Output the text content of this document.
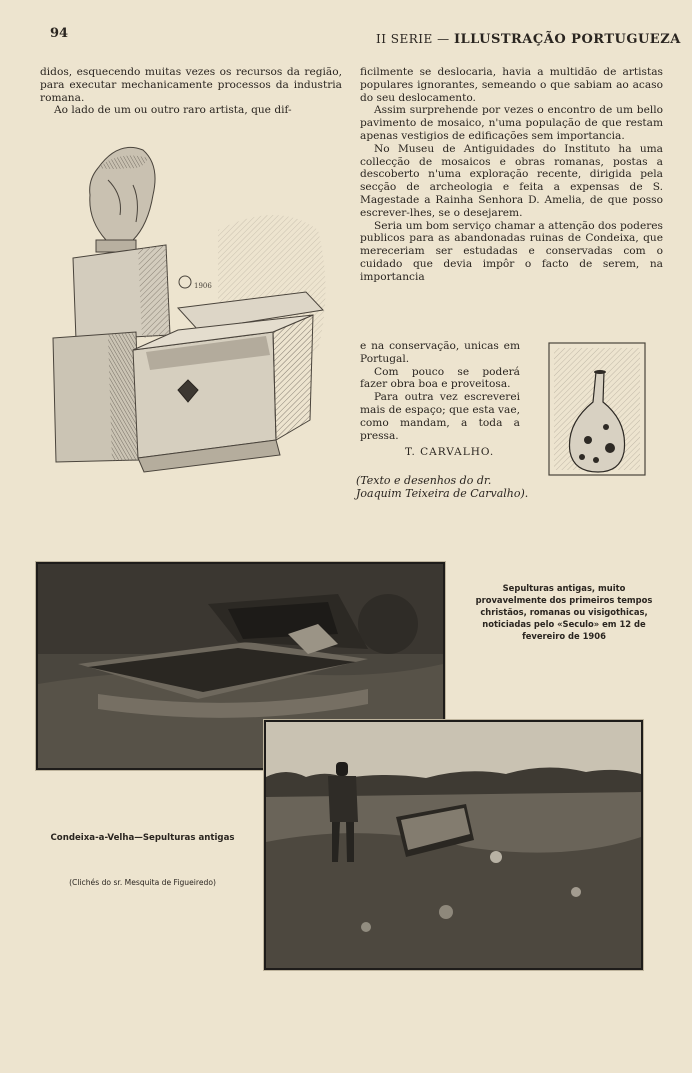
94	II SERIE — ILLUSTRAÇÃO PORTUGUEZA

didos, esquecendo muitas vezes os recursos da região, para executar mechanicamente processos da industria romana.

Ao lado de um ou outro raro artista, que dif-

1906

ficilmente se deslocaria, havia a multidão de artistas populares ignorantes, semeando o que sabiam ao acaso do seu deslocamento.

Assim surprehende por vezes o encontro de um bello pavimento de mosaico, n'uma população de que restam apenas vestigios de edificações sem importancia.

No Museu de Antiguidades do Instituto ha uma collecção de mosaicos e obras romanas, postas a descoberto n'uma exploração recente, dirigida pela secção de archeologia e feita a expensas de S. Magestade a Rainha Senhora D. Amelia, de que posso escrever-lhes, se o desejarem.

Seria um bom serviço chamar a attenção dos poderes publicos para as abandonadas ruinas de Condeixa, que mereceriam ser estudadas e conservadas com o cuidado que devia impôr o facto de serem, na importancia

e na conservação, unicas em Portugal.

Com pouco se poderá fazer obra boa e proveitosa.

Para outra vez escreverei mais de espaço; que esta vae, como mandam, a toda a pressa.

T. CARVALHO.
(Texto e desenhos do dr. Joaquim Teixeira de Carvalho).
Sepulturas antigas, muito provavelmente dos primeiros tempos christãos, romanas ou visigothicas, noticiadas pelo «Seculo» em 12 de fevereiro de 1906
Condeixa-a-Velha—Sepulturas antigas
(Clichés do sr. Mesquita de Figueiredo)
